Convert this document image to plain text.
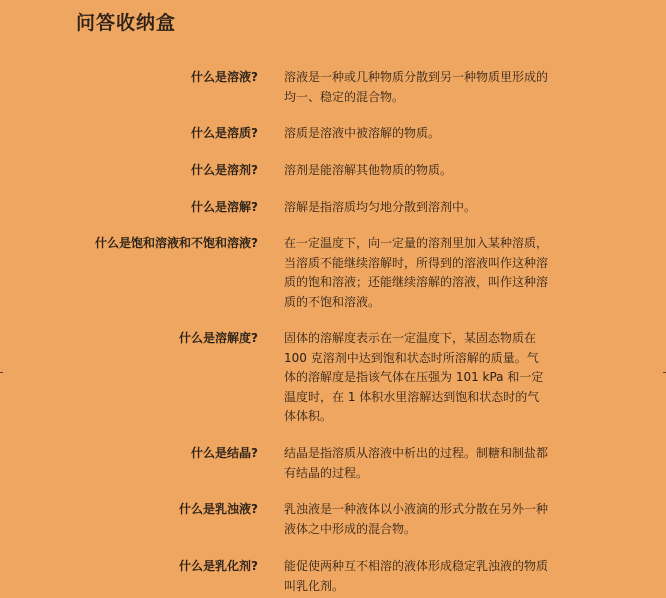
问答收纳盒
什么是溶液? 溶液是一种或几种物质分散到另一种物质里形成的均一、稳定的混合物。
什么是溶质? 溶质是溶液中被溶解的物质。
什么是溶剂? 溶剂是能溶解其他物质的物质。
什么是溶解? 溶解是指溶质均匀地分散到溶剂中。
什么是饱和溶液和不饱和溶液? 在一定温度下，向一定量的溶剂里加入某种溶质，当溶质不能继续溶解时，所得到的溶液叫作这种溶质的饱和溶液；还能继续溶解的溶液，叫作这种溶质的不饱和溶液。
什么是溶解度? 固体的溶解度表示在一定温度下，某固态物质在 100 克溶剂中达到饱和状态时所溶解的质量。气体的溶解度是指该气体在压强为 101 kPa 和一定温度时，在 1 体积水里溶解达到饱和状态时的气体体积。
什么是结晶? 结晶是指溶质从溶液中析出的过程。制糖和制盐都有结晶的过程。
什么是乳浊液? 乳浊液是一种液体以小液滴的形式分散在另外一种液体之中形成的混合物。
什么是乳化剂? 能促使两种互不相溶的液体形成稳定乳浊液的物质叫乳化剂。
